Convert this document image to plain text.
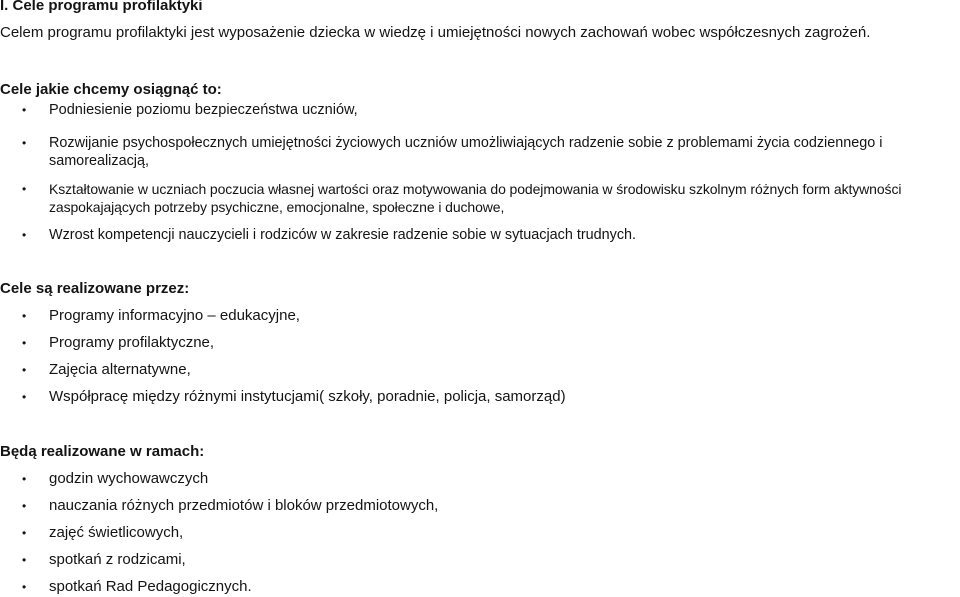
I. Cele programu profilaktyki
Celem programu profilaktyki jest wyposażenie dziecka w wiedzę i umiejętności nowych zachowań wobec współczesnych zagrożeń.
Cele jakie chcemy osiągnąć to:
• Podniesienie poziomu bezpieczeństwa uczniów,
• Rozwijanie psychospołecznych umiejętności życiowych uczniów umożliwiających radzenie sobie z problemami życia codziennego i samorealizacją,
• Kształtowanie w uczniach poczucia własnej wartości oraz motywowania do podejmowania w środowisku szkolnym różnych form aktywności zaspokajających potrzeby psychiczne, emocjonalne, społeczne i duchowe,
• Wzrost kompetencji nauczycieli i rodziców w zakresie radzenie sobie w sytuacjach trudnych.
Cele są realizowane przez:
• Programy informacyjno – edukacyjne,
• Programy profilaktyczne,
• Zajęcia alternatywne,
• Współpracę między różnymi instytucjami( szkoły, poradnie, policja, samorząd)
Będą realizowane w ramach:
• godzin wychowawczych
• nauczania różnych przedmiotów i bloków przedmiotowych,
• zajęć świetlicowych,
• spotkań z rodzicami,
• spotkań Rad Pedagogicznych.
